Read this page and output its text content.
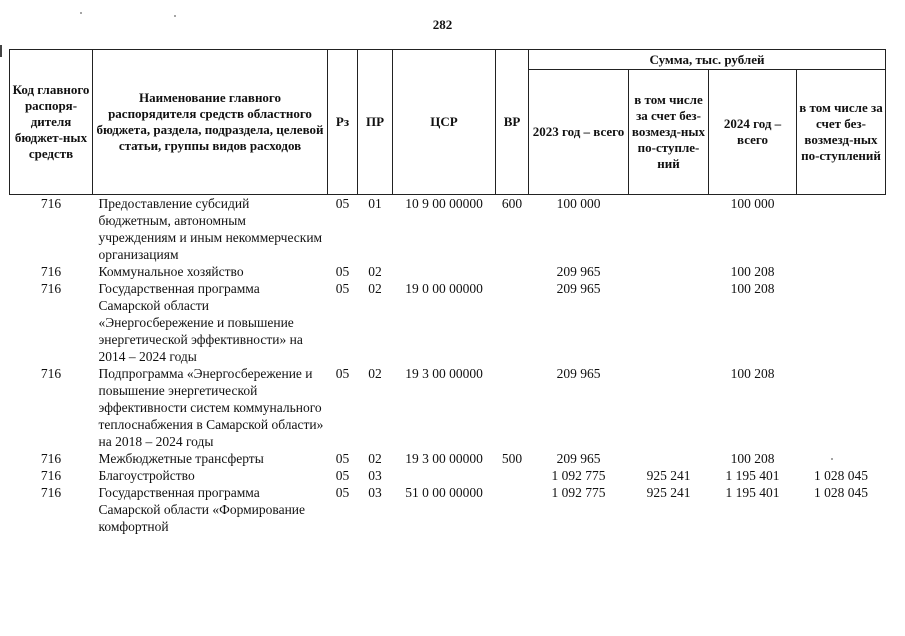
282
Код главного распоря-дителя бюджет-ных средств	Наименование главного распорядителя средств областного бюджета, раздела, подраздела, целевой статьи, группы видов расходов	Рз	ПР	ЦСР	ВР	Сумма, тыс. рублей			
						2023 год – всего	в том числе за счет без-возмезд-ных по-ступле-ний	2024 год – всего	в том числе за счет без-возмезд-ных по-ступлений
716	Предоставление субсидий бюджетным, автономным учреждениям и иным некоммерческим организациям	05	01	10 9 00 00000	600	100 000		100 000	
716	Коммунальное хозяйство	05	02			209 965		100 208	
716	Государственная программа Самарской области «Энергосбережение и повышение энергетической эффективности» на 2014 – 2024 годы	05	02	19 0 00 00000		209 965		100 208	
716	Подпрограмма «Энергосбережение и повышение энергетической эффективности систем коммунального теплоснабжения в Самарской области» на 2018 – 2024 годы	05	02	19 3 00 00000		209 965		100 208	
716	Межбюджетные трансферты	05	02	19 3 00 00000	500	209 965		100 208	
716	Благоустройство	05	03			1 092 775	925 241	1 195 401	1 028 045
716	Государственная программа Самарской области «Формирование комфортной	05	03	51 0 00 00000		1 092 775	925 241	1 195 401	1 028 045
